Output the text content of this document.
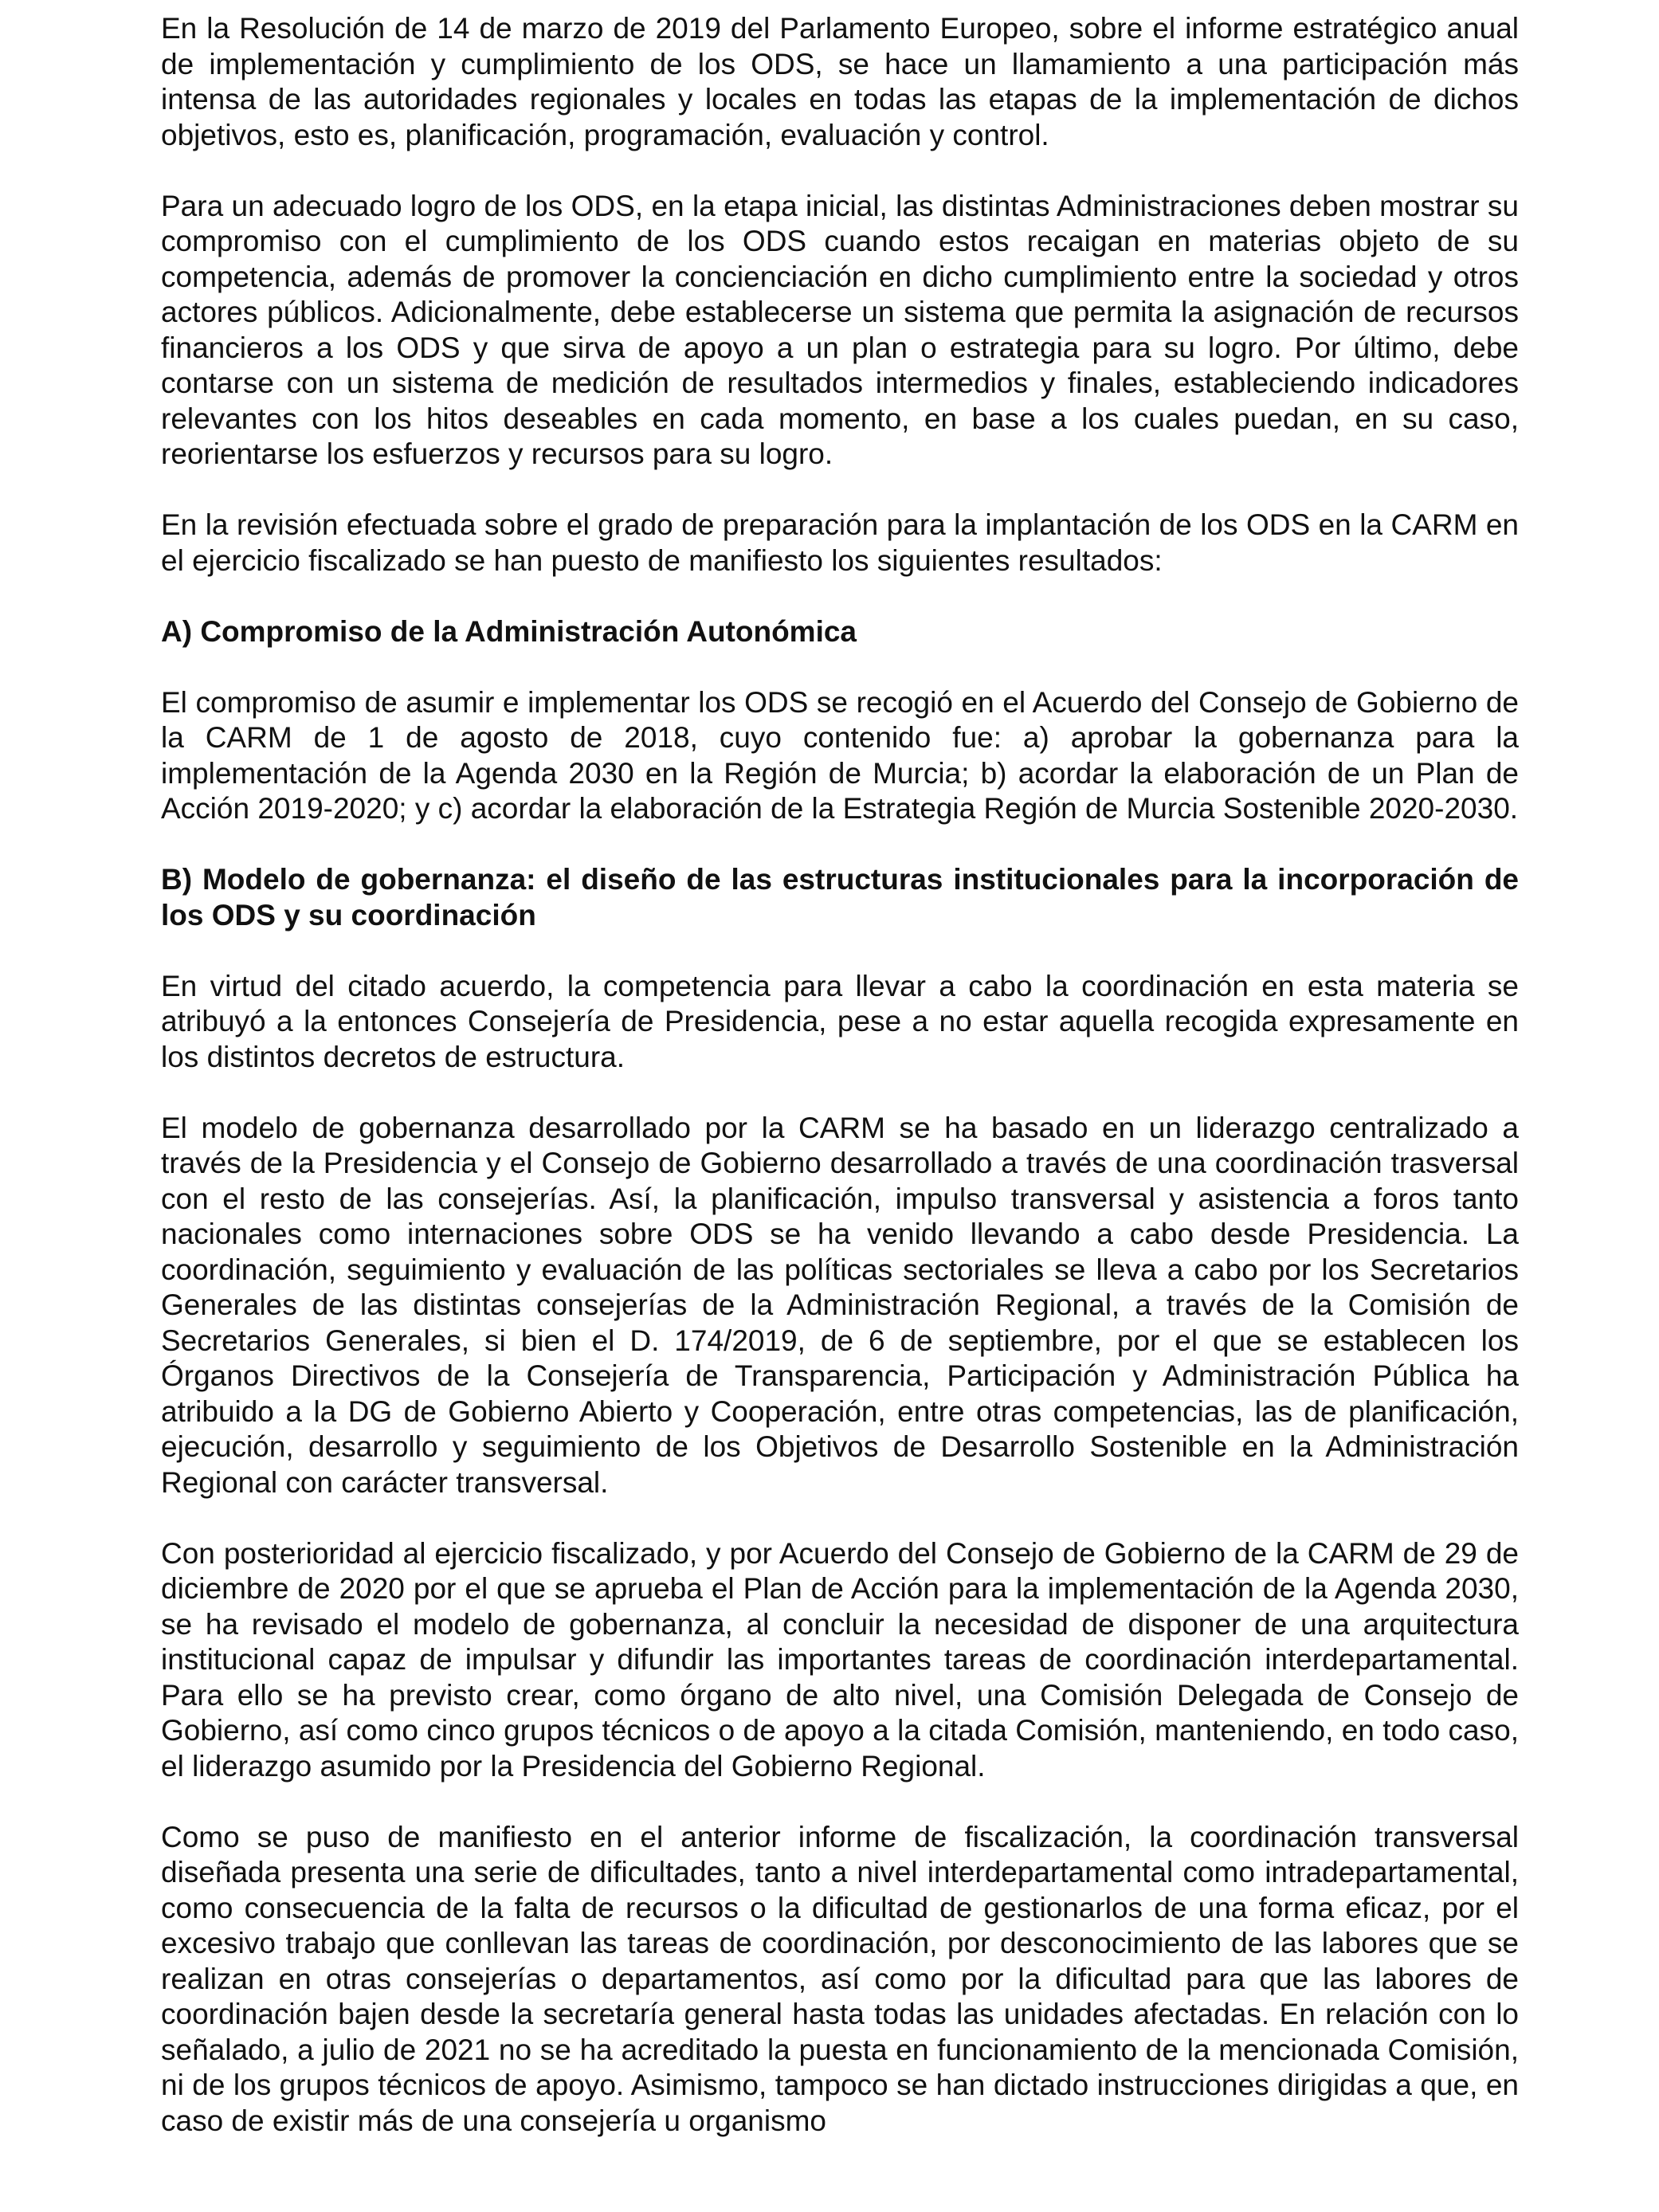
En la Resolución de 14 de marzo de 2019 del Parlamento Europeo, sobre el informe estratégico anual de implementación y cumplimiento de los ODS, se hace un llamamiento a una participación más intensa de las autoridades regionales y locales en todas las etapas de la implementación de dichos objetivos, esto es, planificación, programación, evaluación y control.

Para un adecuado logro de los ODS, en la etapa inicial, las distintas Administraciones deben mostrar su compromiso con el cumplimiento de los ODS cuando estos recaigan en materias objeto de su competencia, además de promover la concienciación en dicho cumplimiento entre la sociedad y otros actores públicos. Adicionalmente, debe establecerse un sistema que permita la asignación de recursos financieros a los ODS y que sirva de apoyo a un plan o estrategia para su logro. Por último, debe contarse con un sistema de medición de resultados intermedios y finales, estableciendo indicadores relevantes con los hitos deseables en cada momento, en base a los cuales puedan, en su caso, reorientarse los esfuerzos y recursos para su logro.

En la revisión efectuada sobre el grado de preparación para la implantación de los ODS en la CARM en el ejercicio fiscalizado se han puesto de manifiesto los siguientes resultados:

A) Compromiso de la Administración Autonómica

El compromiso de asumir e implementar los ODS se recogió en el Acuerdo del Consejo de Gobierno de la CARM de 1 de agosto de 2018, cuyo contenido fue: a) aprobar la gobernanza para la implementación de la Agenda 2030 en la Región de Murcia; b) acordar la elaboración de un Plan de Acción 2019-2020; y c) acordar la elaboración de la Estrategia Región de Murcia Sostenible 2020-2030.

B) Modelo de gobernanza: el diseño de las estructuras institucionales para la incorporación de los ODS y su coordinación

En virtud del citado acuerdo, la competencia para llevar a cabo la coordinación en esta materia se atribuyó a la entonces Consejería de Presidencia, pese a no estar aquella recogida expresamente en los distintos decretos de estructura.

El modelo de gobernanza desarrollado por la CARM se ha basado en un liderazgo centralizado a través de la Presidencia y el Consejo de Gobierno desarrollado a través de una coordinación trasversal con el resto de las consejerías. Así, la planificación, impulso transversal y asistencia a foros tanto nacionales como internaciones sobre ODS se ha venido llevando a cabo desde Presidencia. La coordinación, seguimiento y evaluación de las políticas sectoriales se lleva a cabo por los Secretarios Generales de las distintas consejerías de la Administración Regional, a través de la Comisión de Secretarios Generales, si bien el D. 174/2019, de 6 de septiembre, por el que se establecen los Órganos Directivos de la Consejería de Transparencia, Participación y Administración Pública ha atribuido a la DG de Gobierno Abierto y Cooperación, entre otras competencias, las de planificación, ejecución, desarrollo y seguimiento de los Objetivos de Desarrollo Sostenible en la Administración Regional con carácter transversal.

Con posterioridad al ejercicio fiscalizado, y por Acuerdo del Consejo de Gobierno de la CARM de 29 de diciembre de 2020 por el que se aprueba el Plan de Acción para la implementación de la Agenda 2030, se ha revisado el modelo de gobernanza, al concluir la necesidad de disponer de una arquitectura institucional capaz de impulsar y difundir las importantes tareas de coordinación interdepartamental. Para ello se ha previsto crear, como órgano de alto nivel, una Comisión Delegada de Consejo de Gobierno, así como cinco grupos técnicos o de apoyo a la citada Comisión, manteniendo, en todo caso, el liderazgo asumido por la Presidencia del Gobierno Regional.

Como se puso de manifiesto en el anterior informe de fiscalización, la coordinación transversal diseñada presenta una serie de dificultades, tanto a nivel interdepartamental como intradepartamental, como consecuencia de la falta de recursos o la dificultad de gestionarlos de una forma eficaz, por el excesivo trabajo que conllevan las tareas de coordinación, por desconocimiento de las labores que se realizan en otras consejerías o departamentos, así como por la dificultad para que las labores de coordinación bajen desde la secretaría general hasta todas las unidades afectadas. En relación con lo señalado, a julio de 2021 no se ha acreditado la puesta en funcionamiento de la mencionada Comisión, ni de los grupos técnicos de apoyo. Asimismo, tampoco se han dictado instrucciones dirigidas a que, en caso de existir más de una consejería u organismo
